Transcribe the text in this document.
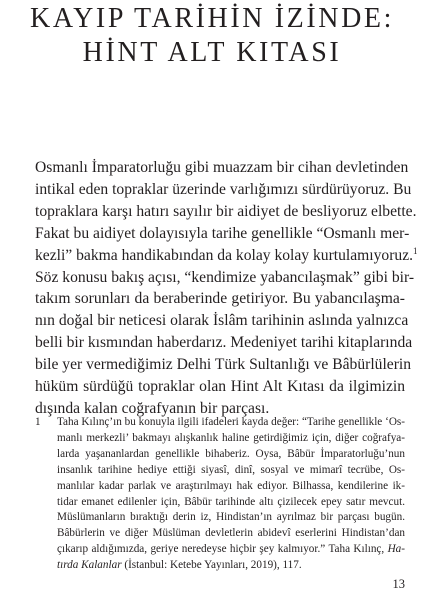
KAYIP TARİHİN İZİNDE:
HİNT ALT KITASI
Osmanlı İmparatorluğu gibi muazzam bir cihan devletinden
intikal eden topraklar üzerinde varlığımızı sürdürüyoruz. Bu
topraklara karşı hatırı sayılır bir aidiyet de besliyoruz elbette.
Fakat bu aidiyet dolayısıyla tarihe genellikle “Osmanlı mer-
kezli” bakma handikabından da kolay kolay kurtulamıyoruz.$^1$
Söz konusu bakış açısı, “kendimize yabancılaşmak” gibi bir-
takım sorunları da beraberinde getiriyor. Bu yabancılaşma-
nın doğal bir neticesi olarak İslâm tarihinin aslında yalnızca
belli bir kısmından haberdarız. Medeniyet tarihi kitaplarında
bile yer vermediğimiz Delhi Türk Sultanlığı ve Bâbürlülerin
hüküm sürdüğü topraklar olan Hint Alt Kıtası da ilgimizin
dışında kalan coğrafyanın bir parçası.
1 Taha Kılınç’ın bu konuyla ilgili ifadeleri kayda değer: “Tarihe genellikle ‘Os-
manlı merkezli’ bakmayı alışkanlık haline getirdiğimiz için, diğer coğrafya-
larda yaşananlardan genellikle bihaberiz. Oysa, Bâbür İmparatorluğu’nun
insanlık tarihine hediye ettiği siyasî, dinî, sosyal ve mimarî tecrübe, Os-
manlılar kadar parlak ve araştırılmayı hak ediyor. Bilhassa, kendilerine ik-
tidar emanet edilenler için, Bâbür tarihinde altı çizilecek epey satır mevcut.
Müslümanların bıraktığı derin iz, Hindistan’ın ayrılmaz bir parçası bugün.
Bâbürlerin ve diğer Müslüman devletlerin abidevî eserlerini Hindistan’dan
çıkarıp aldığımızda, geriye neredeyse hiçbir şey kalmıyor.” Taha Kılınç, Ha-
tırda Kalanlar (İstanbul: Ketebe Yayınları, 2019), 117.
13
